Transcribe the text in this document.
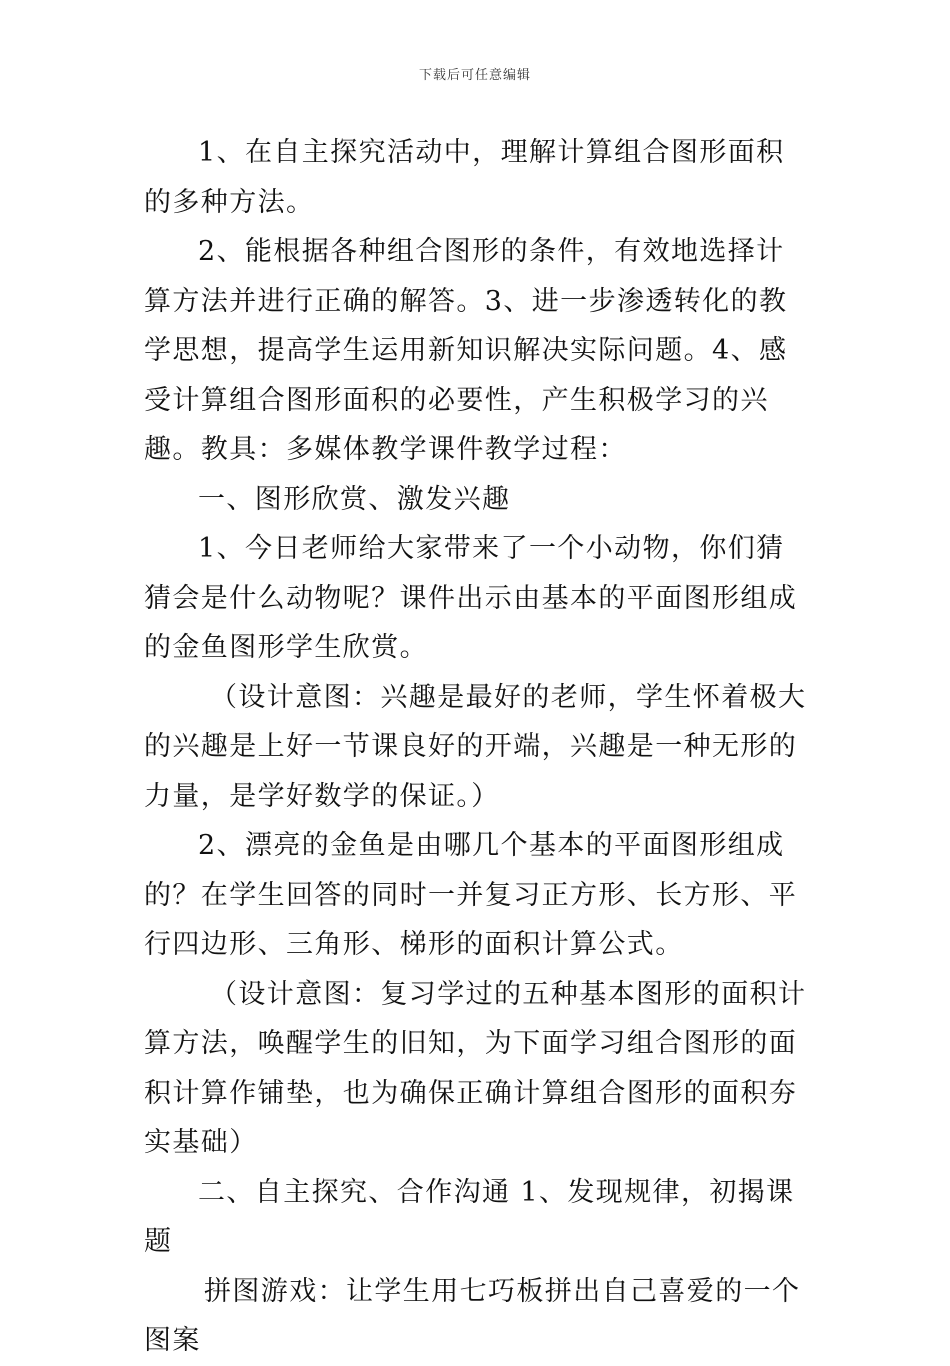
下载后可任意编辑

1、在自主探究活动中，理解计算组合图形面积的多种方法。

2、能根据各种组合图形的条件，有效地选择计算方法并进行正确的解答。3、进一步渗透转化的教学思想，提高学生运用新知识解决实际问题。4、感受计算组合图形面积的必要性，产生积极学习的兴趣。教具：多媒体教学课件教学过程：

一、图形欣赏、激发兴趣

1、今日老师给大家带来了一个小动物，你们猜猜会是什么动物呢？课件出示由基本的平面图形组成的金鱼图形学生欣赏。

（设计意图：兴趣是最好的老师，学生怀着极大的兴趣是上好一节课良好的开端，兴趣是一种无形的力量，是学好数学的保证。）

2、漂亮的金鱼是由哪几个基本的平面图形组成的？在学生回答的同时一并复习正方形、长方形、平行四边形、三角形、梯形的面积计算公式。

（设计意图：复习学过的五种基本图形的面积计算方法，唤醒学生的旧知，为下面学习组合图形的面积计算作铺垫，也为确保正确计算组合图形的面积夯实基础）

二、自主探究、合作沟通 1、发现规律，初揭课题

拼图游戏：让学生用七巧板拼出自己喜爱的一个图案
